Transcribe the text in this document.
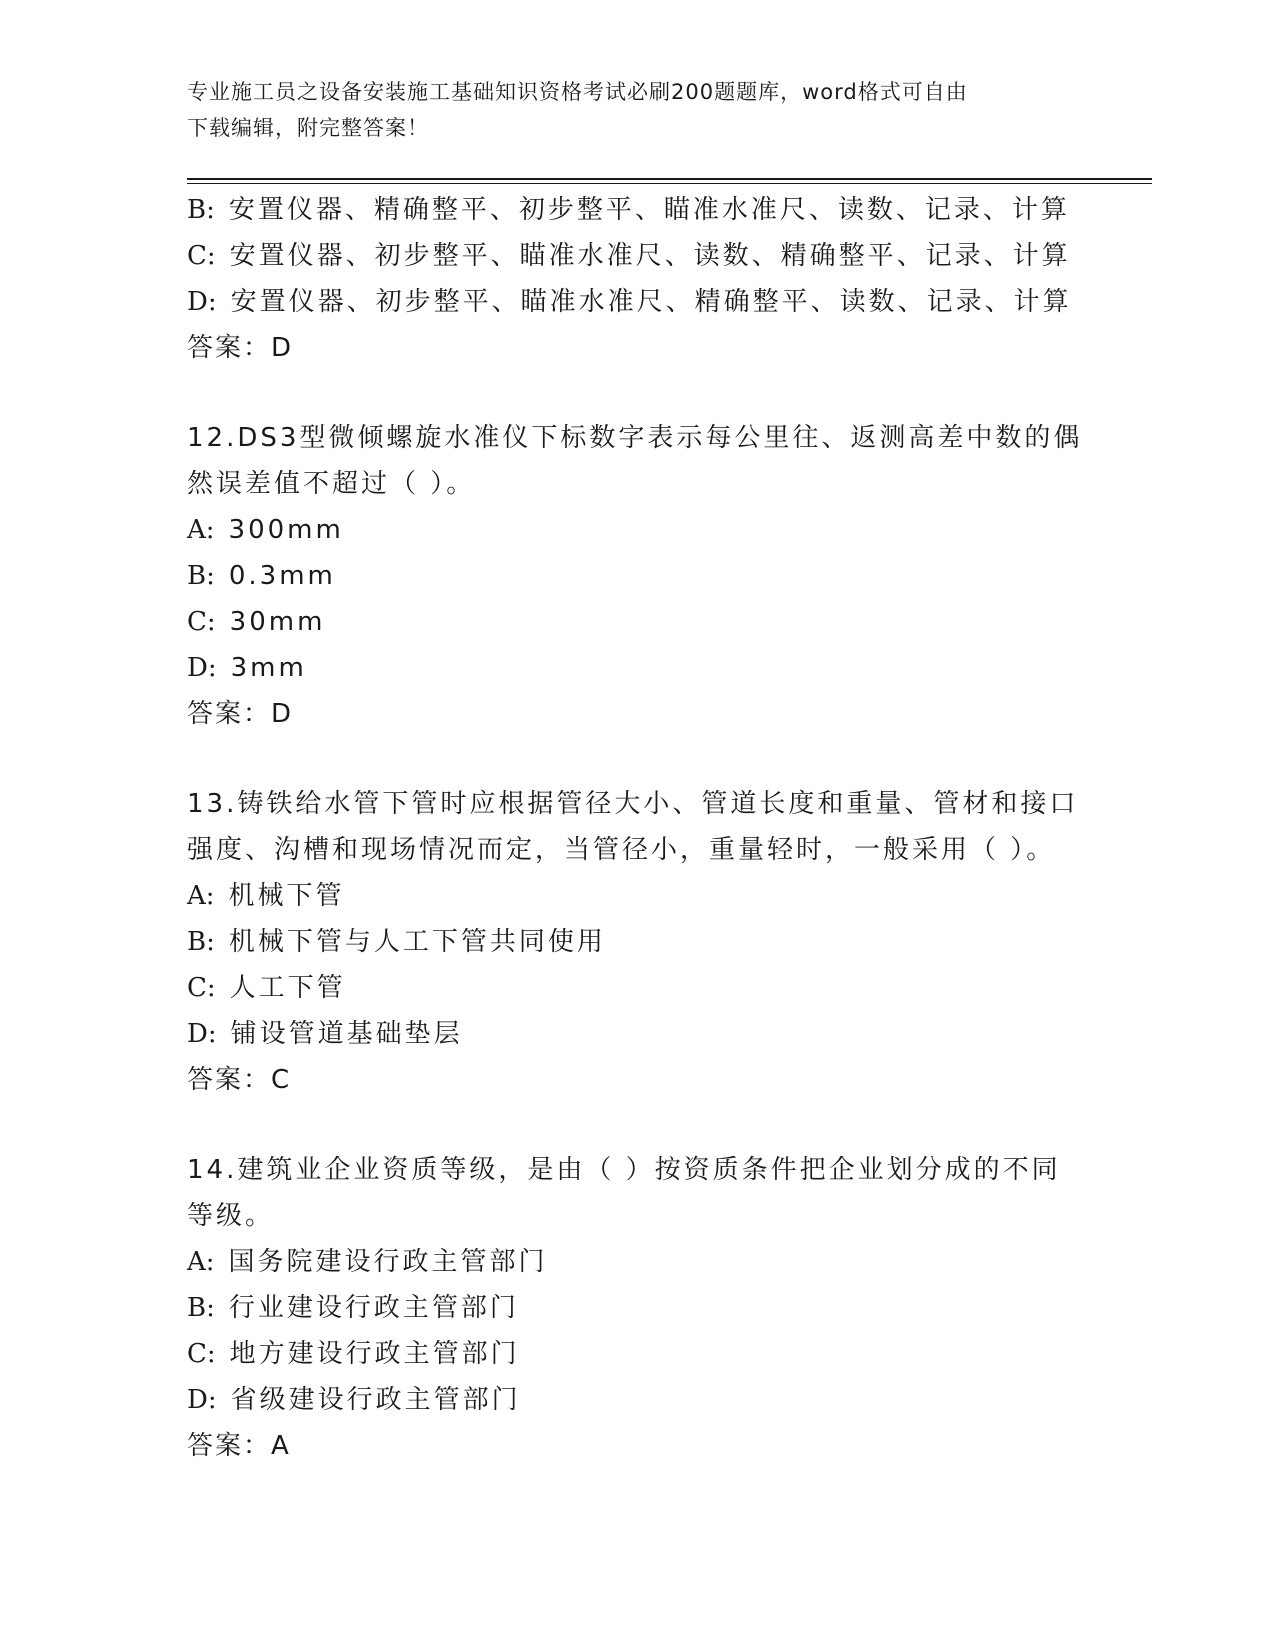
专业施工员之设备安装施工基础知识资格考试必刷200题题库，word格式可自由
下载编辑，附完整答案！
B: 安置仪器、精确整平、初步整平、瞄准水准尺、读数、记录、计算
C: 安置仪器、初步整平、瞄准水准尺、读数、精确整平、记录、计算
D: 安置仪器、初步整平、瞄准水准尺、精确整平、读数、记录、计算
答案：D
12.DS3型微倾螺旋水准仪下标数字表示每公里往、返测高差中数的偶
然误差值不超过（ ）。
A: 300mm
B: 0.3mm
C: 30mm
D: 3mm
答案：D
13.铸铁给水管下管时应根据管径大小、管道长度和重量、管材和接口
强度、沟槽和现场情况而定，当管径小，重量轻时，一般采用（ ）。
A: 机械下管
B: 机械下管与人工下管共同使用
C: 人工下管
D: 铺设管道基础垫层
答案：C
14.建筑业企业资质等级，是由（ ）按资质条件把企业划分成的不同
等级。
A: 国务院建设行政主管部门
B: 行业建设行政主管部门
C: 地方建设行政主管部门
D: 省级建设行政主管部门
答案：A
